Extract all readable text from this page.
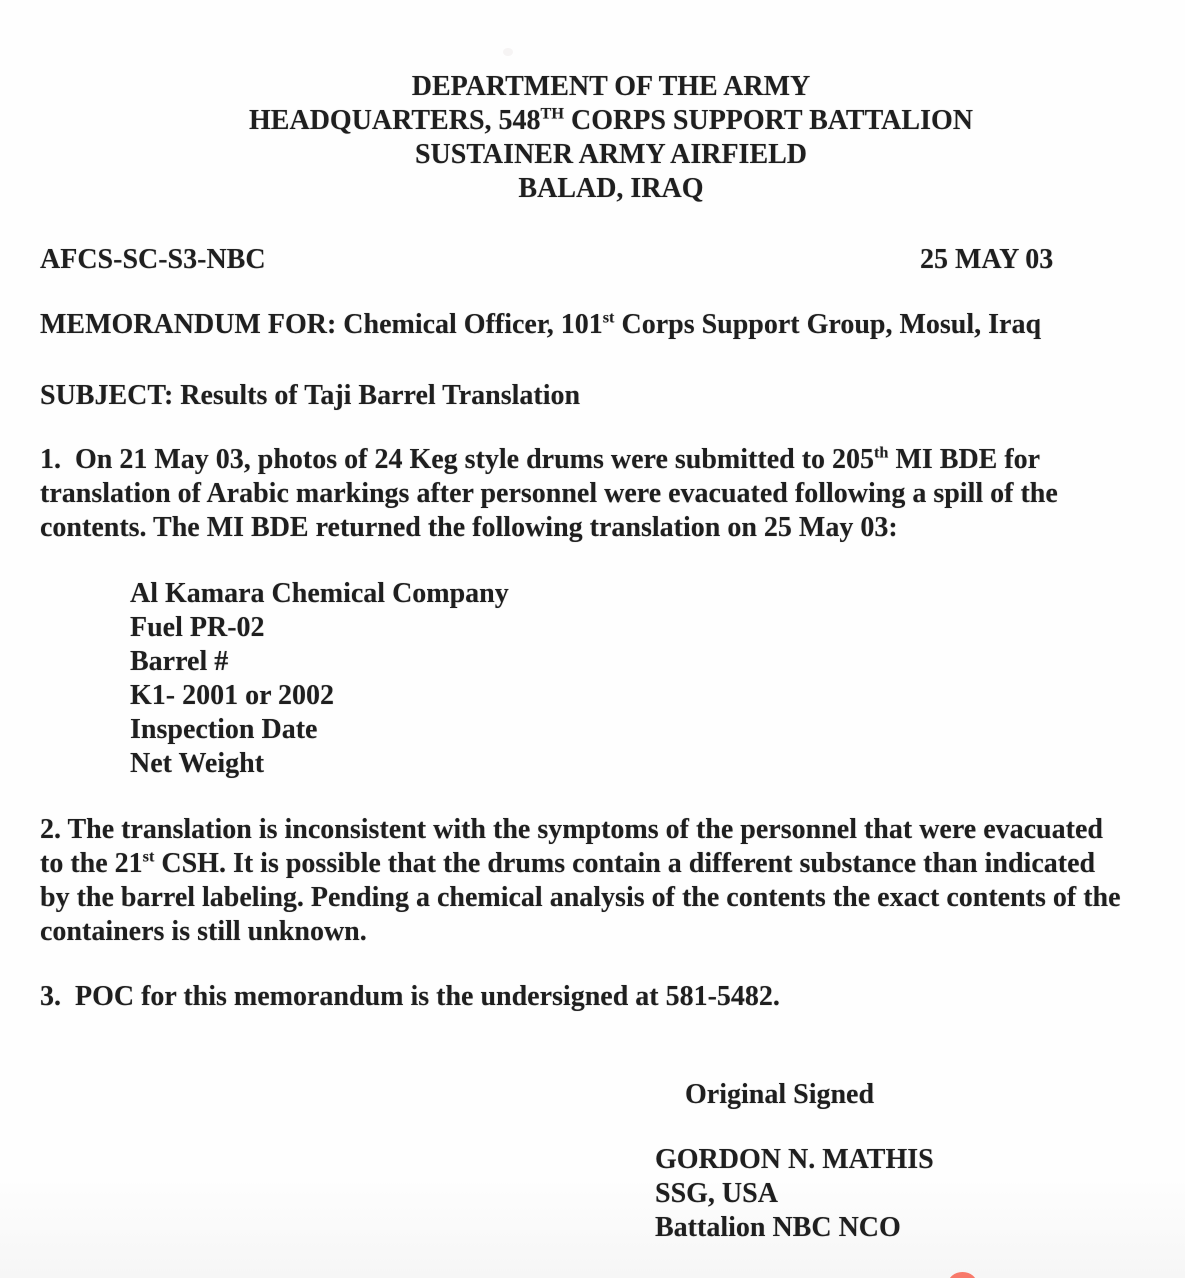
DEPARTMENT OF THE ARMY
HEADQUARTERS, 548TH CORPS SUPPORT BATTALION
SUSTAINER ARMY AIRFIELD
BALAD, IRAQ
AFCS-SC-S3-NBC	25 MAY 03
MEMORANDUM FOR: Chemical Officer, 101st Corps Support Group, Mosul, Iraq
SUBJECT: Results of Taji Barrel Translation
1.  On 21 May 03, photos of 24 Keg style drums were submitted to 205th MI BDE for
translation of Arabic markings after personnel were evacuated following a spill of the
contents. The MI BDE returned the following translation on 25 May 03:
Al Kamara Chemical Company
Fuel PR-02
Barrel #
K1- 2001 or 2002
Inspection Date
Net Weight
2. The translation is inconsistent with the symptoms of the personnel that were evacuated
to the 21st CSH. It is possible that the drums contain a different substance than indicated
by the barrel labeling. Pending a chemical analysis of the contents the exact contents of the
containers is still unknown.
3.  POC for this memorandum is the undersigned at 581-5482.
Original Signed
GORDON N. MATHIS
SSG, USA
Battalion NBC NCO
